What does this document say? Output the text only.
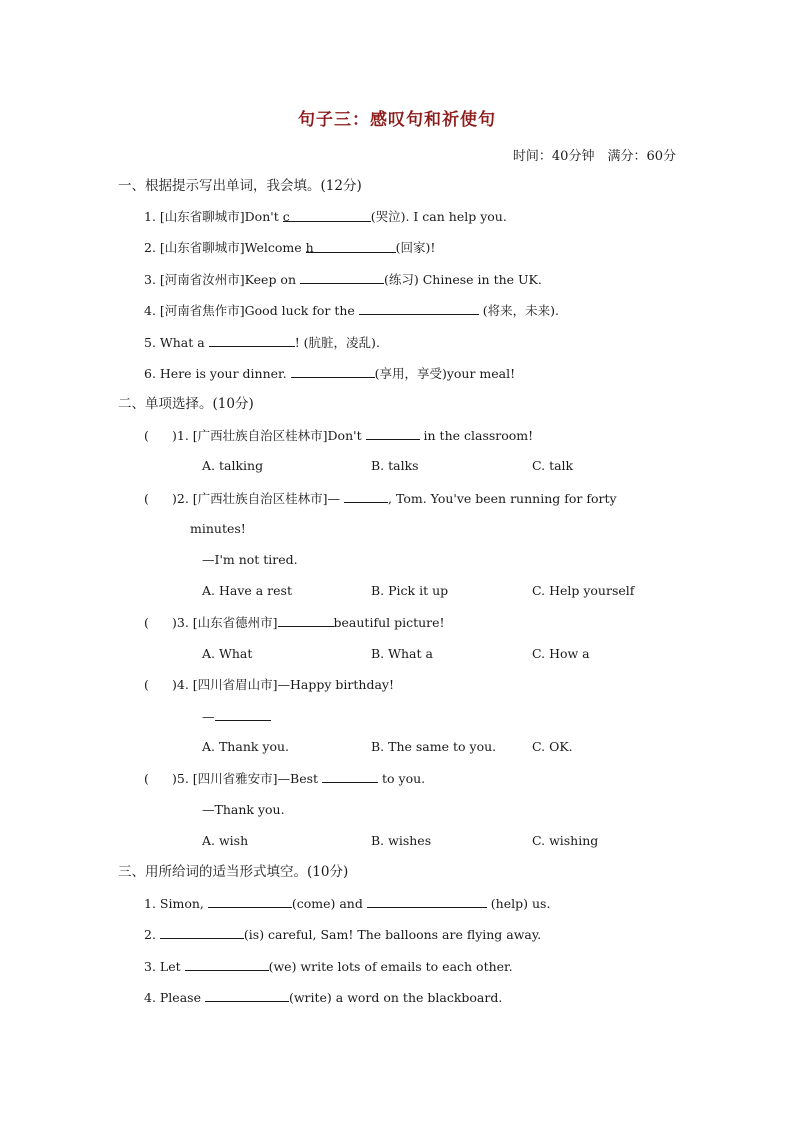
句子三：感叹句和祈使句
时间：40分钟　满分：60分
一、根据提示写出单词，我会填。(12分)
1. [山东省聊城市]Don't c	(哭泣). I can help you.
2. [山东省聊城市]Welcome h	(回家)!
3. [河南省汝州市]Keep on	(练习) Chinese in the UK.
4. [河南省焦作市]Good luck for the	(将来，未来).
5. What a	! (肮脏，凌乱).
6. Here is your dinner.	(享用，享受)your meal!
二、单项选择。(10分)
( )1. [广西壮族自治区桂林市]Don't	in the classroom!
A. talking	B. talks	C. talk
( )2. [广西壮族自治区桂林市]—	, Tom. You've been running for forty
minutes!
—I'm not tired.
A. Have a rest	B. Pick it up	C. Help yourself
( )3. [山东省德州市]	beautiful picture!
A. What	B. What a	C. How a
( )4. [四川省眉山市]—Happy birthday!
—
A. Thank you.	B. The same to you.	C. OK.
( )5. [四川省雅安市]—Best	to you.
—Thank you.
A. wish	B. wishes	C. wishing
三、用所给词的适当形式填空。(10分)
1. Simon,	(come) and	(help) us.
2.	(is) careful, Sam! The balloons are flying away.
3. Let	(we) write lots of emails to each other.
4. Please	(write) a word on the blackboard.
